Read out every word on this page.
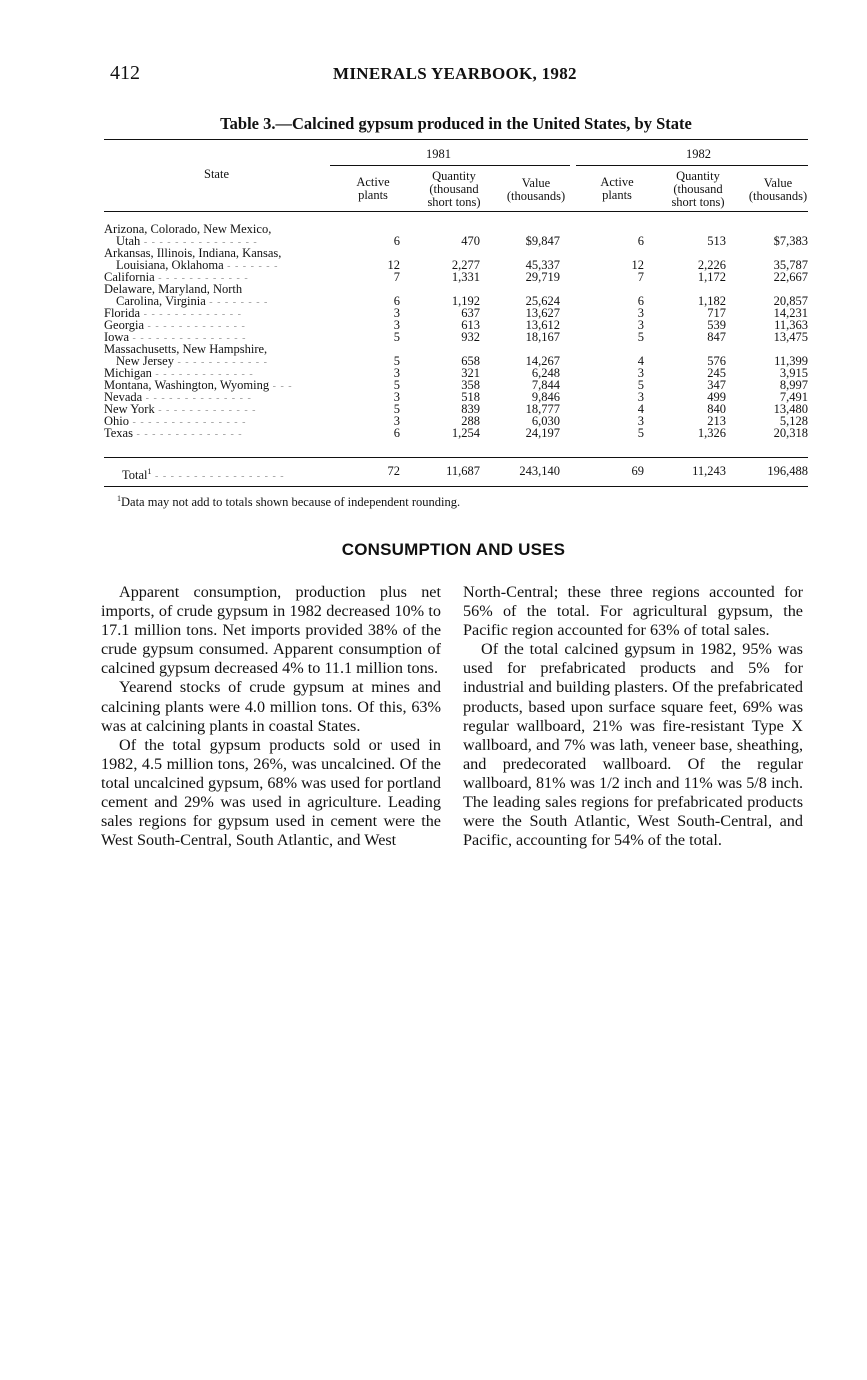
412	MINERALS YEARBOOK, 1982
Table 3.—Calcined gypsum produced in the United States, by State
State
1981	1982
Active
plants
Quantity
(thousand
short tons)
Value
(thousands)
Active
plants
Quantity
(thousand
short tons)
Value
(thousands)
Arizona, Colorado, New Mexico,
Utah - - - - - - - - - - - - - - -	6	470	$9,847	6	513	$7,383
Arkansas, Illinois, Indiana, Kansas,
Louisiana, Oklahoma - - - - - - -	12	2,277	45,337	12	2,226	35,787
California - - - - - - - - - - - -	7	1,331	29,719	7	1,172	22,667
Delaware, Maryland, North
Carolina, Virginia - - - - - - - -	6	1,192	25,624	6	1,182	20,857
Florida - - - - - - - - - - - - -	3	637	13,627	3	717	14,231
Georgia - - - - - - - - - - - - -	3	613	13,612	3	539	11,363
Iowa - - - - - - - - - - - - - - -	5	932	18,167	5	847	13,475
Massachusetts, New Hampshire,
New Jersey - - - - - - - - - - - -	5	658	14,267	4	576	11,399
Michigan - - - - - - - - - - - - -	3	321	6,248	3	245	3,915
Montana, Washington, Wyoming - - -	5	358	7,844	5	347	8,997
Nevada - - - - - - - - - - - - - -	3	518	9,846	3	499	7,491
New York - - - - - - - - - - - - -	5	839	18,777	4	840	13,480
Ohio - - - - - - - - - - - - - - -	3	288	6,030	3	213	5,128
Texas - - - - - - - - - - - - - -	6	1,254	24,197	5	1,326	20,318
Total$^1$ - - - - - - - - - - - - - - - - -	72	11,687	243,140	69	11,243	196,488
$^1$Data may not add to totals shown because of independent rounding.
CONSUMPTION AND USES

Apparent consumption, production plus net imports, of crude gypsum in 1982 decreased 10% to 17.1 million tons. Net imports provided 38% of the crude gypsum consumed. Apparent consumption of calcined gypsum decreased 4% to 11.1 million tons.

Yearend stocks of crude gypsum at mines and calcining plants were 4.0 million tons. Of this, 63% was at calcining plants in coastal States.

Of the total gypsum products sold or used in 1982, 4.5 million tons, 26%, was uncalcined. Of the total uncalcined gypsum, 68% was used for portland cement and 29% was used in agriculture. Leading sales regions for gypsum used in cement were the West South-Central, South Atlantic, and West

North-Central; these three regions accounted for 56% of the total. For agricultural gypsum, the Pacific region accounted for 63% of total sales.

Of the total calcined gypsum in 1982, 95% was used for prefabricated products and 5% for industrial and building plasters. Of the prefabricated products, based upon surface square feet, 69% was regular wallboard, 21% was fire-resistant Type X wallboard, and 7% was lath, veneer base, sheathing, and predecorated wallboard. Of the regular wallboard, 81% was 1/2 inch and 11% was 5/8 inch. The leading sales regions for prefabricated products were the South Atlantic, West South-Central, and Pacific, accounting for 54% of the total.
